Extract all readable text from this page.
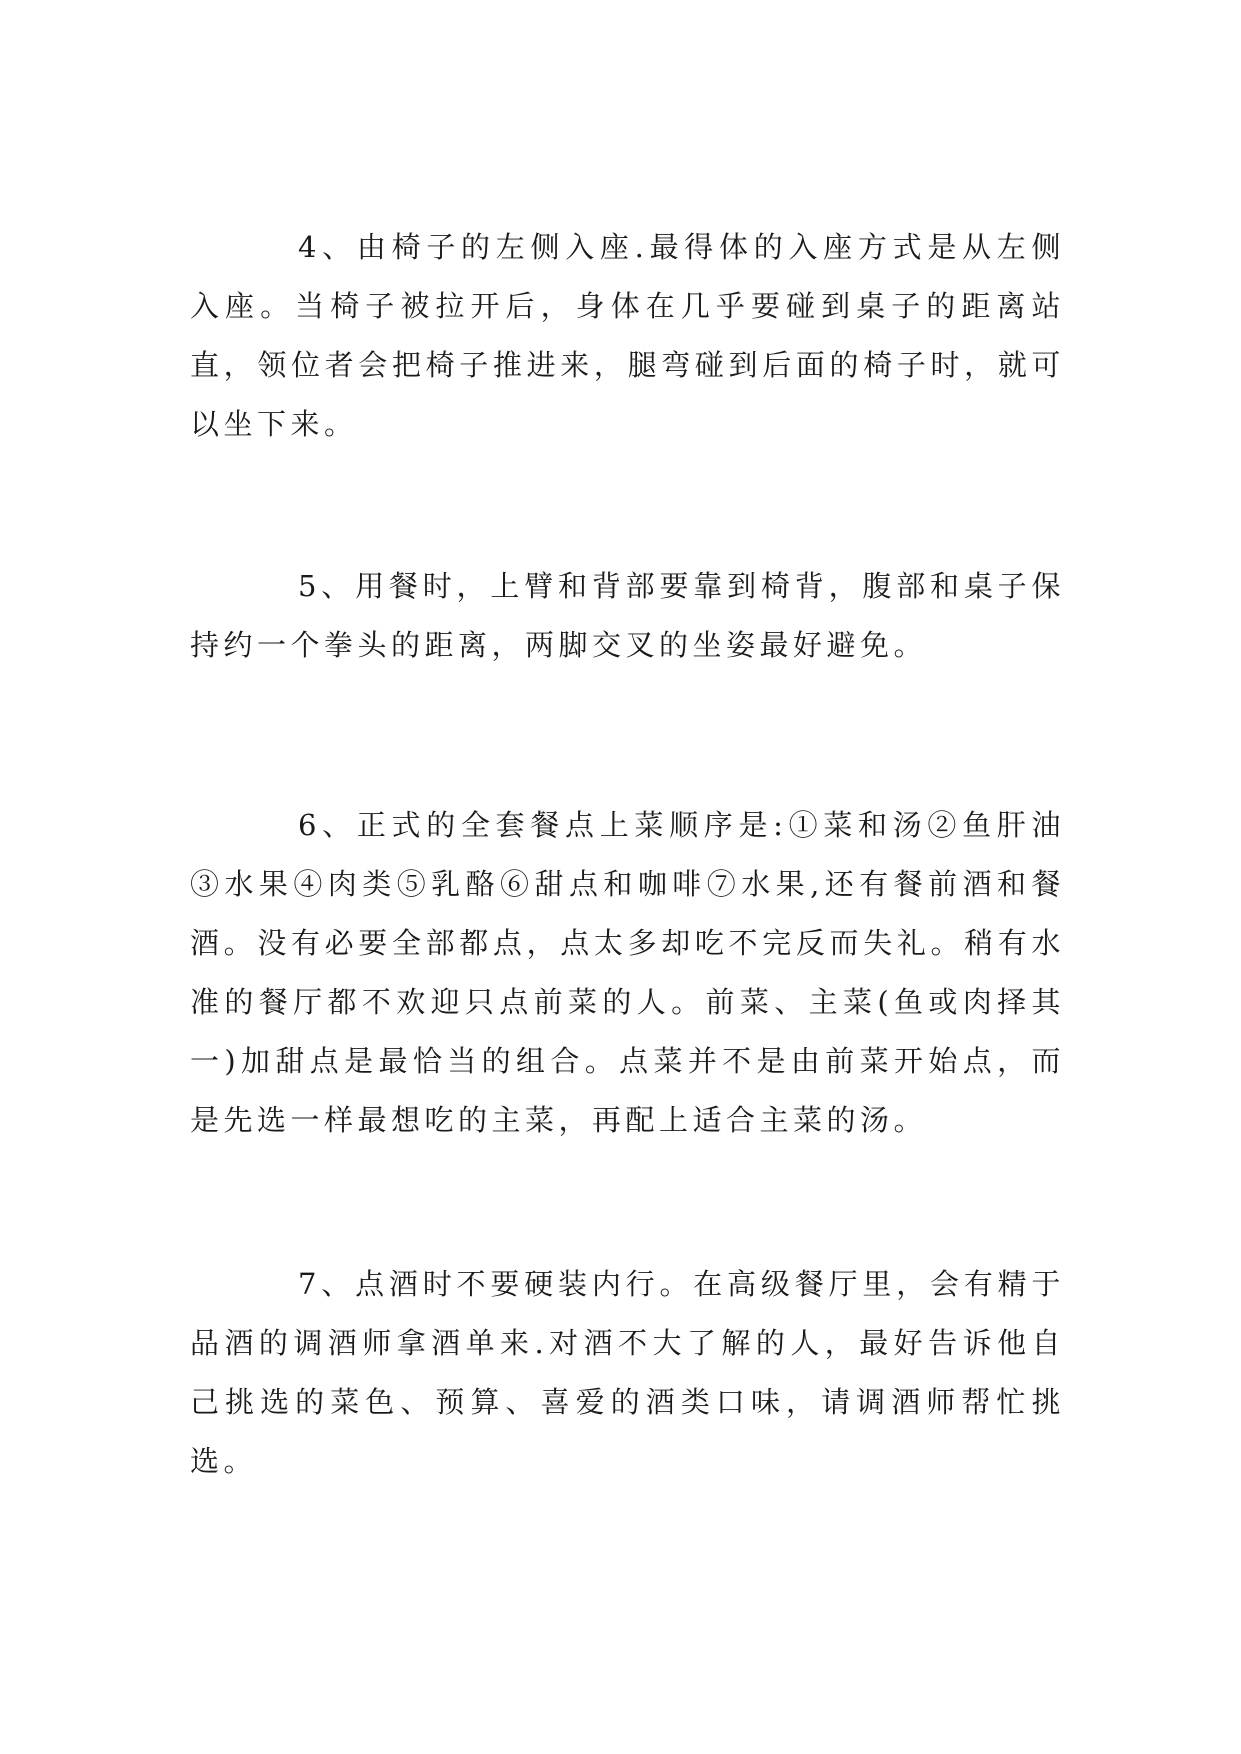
4、由椅子的左侧入座.最得体的入座方式是从左侧入座。当椅子被拉开后，身体在几乎要碰到桌子的距离站直，领位者会把椅子推进来，腿弯碰到后面的椅子时，就可以坐下来。

5、用餐时，上臂和背部要靠到椅背，腹部和桌子保持约一个拳头的距离，两脚交叉的坐姿最好避免。

6、正式的全套餐点上菜顺序是:①菜和汤②鱼肝油③水果④肉类⑤乳酪⑥甜点和咖啡⑦水果,还有餐前酒和餐酒。没有必要全部都点，点太多却吃不完反而失礼。稍有水准的餐厅都不欢迎只点前菜的人。前菜、主菜(鱼或肉择其一)加甜点是最恰当的组合。点菜并不是由前菜开始点，而是先选一样最想吃的主菜，再配上适合主菜的汤。

7、点酒时不要硬装内行。在高级餐厅里，会有精于品酒的调酒师拿酒单来.对酒不大了解的人，最好告诉他自己挑选的菜色、预算、喜爱的酒类口味，请调酒师帮忙挑选。
